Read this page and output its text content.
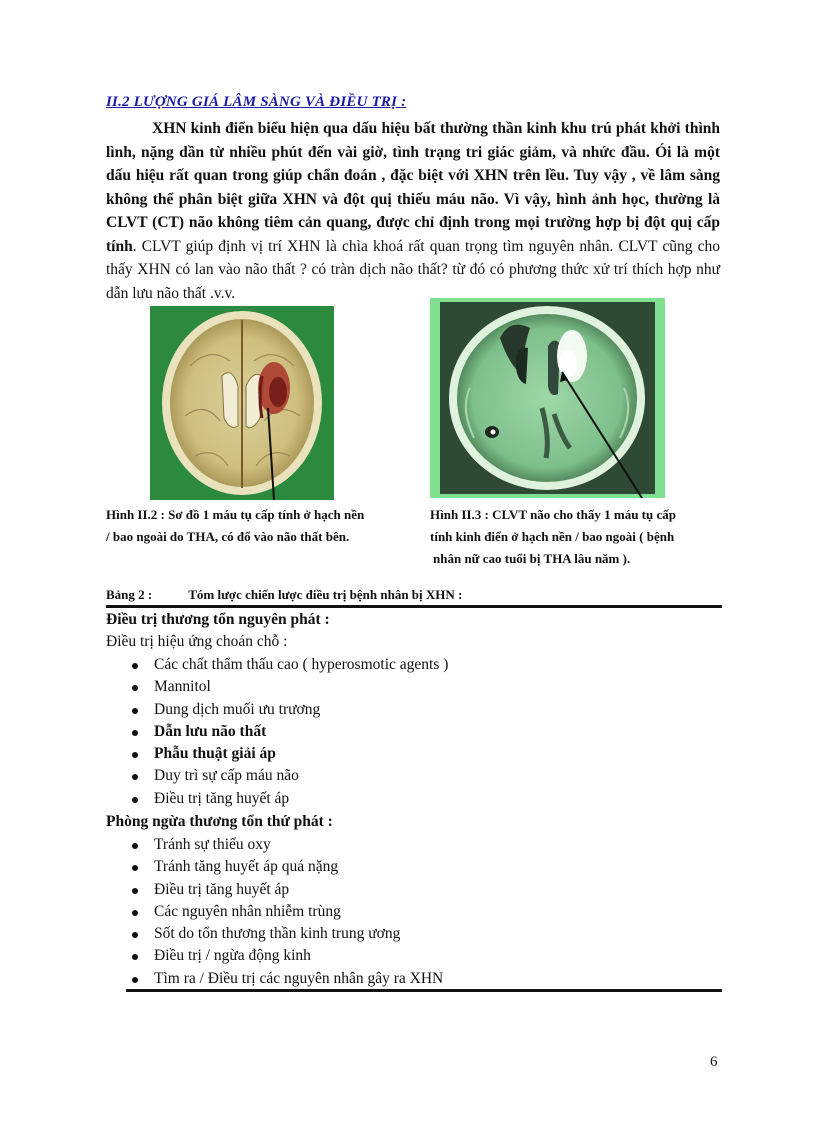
II.2 LƯỢNG GIÁ LÂM SÀNG VÀ ĐIỀU TRỊ :
XHN kinh điển biểu hiện qua dấu hiệu bất thường thần kinh khu trú phát khởi thình lình, nặng dần từ nhiều phút đến vài giờ, tình trạng tri giác giảm, và nhức đầu. Ói là một dấu hiệu rất quan trong giúp chẩn đoán , đặc biệt với XHN trên lều. Tuy vậy , về lâm sàng không thể phân biệt giữa XHN và đột quị thiếu máu não. Vì vậy, hình ảnh học, thường là CLVT (CT) não không tiêm cản quang, được chỉ định trong mọi trường hợp bị đột quị cấp tính. CLVT giúp định vị trí XHN là chìa khoá rất quan trọng tìm nguyên nhân. CLVT cũng cho thấy XHN có lan vào não thất ? có tràn dịch não thất? từ đó có phương thức xử trí thích hợp như dẫn lưu não thất .v.v.
Hình II.2 : Sơ đồ 1 máu tụ cấp tính ở hạch nền
/ bao ngoài do THA, có đổ vào não thất bên.
Hình II.3 : CLVT não cho thấy 1 máu tụ cấp
tính kinh điển ở hạch nền / bao ngoài ( bệnh
nhân nữ cao tuổi bị THA lâu năm ).
Bảng 2 :	Tóm lược chiến lược điều trị bệnh nhân bị XHN :
Điều trị thương tổn nguyên phát :
Điều trị hiệu ứng choán chỗ :
Các chất thẩm thấu cao ( hyperosmotic agents )
Mannitol
Dung dịch muối ưu trương
Dẫn lưu não thất
Phẫu thuật giải áp
Duy trì sự cấp máu não
Điều trị tăng huyết áp
Phòng ngừa thương tổn thứ phát :
Tránh sự thiếu oxy
Tránh tăng huyết áp quá nặng
Điều trị tăng huyết áp
Các nguyên nhân nhiễm trùng
Sốt do tổn thương thần kinh trung ương
Điều trị / ngừa động kinh
Tìm ra / Điều trị các nguyên nhân gây ra XHN
6
